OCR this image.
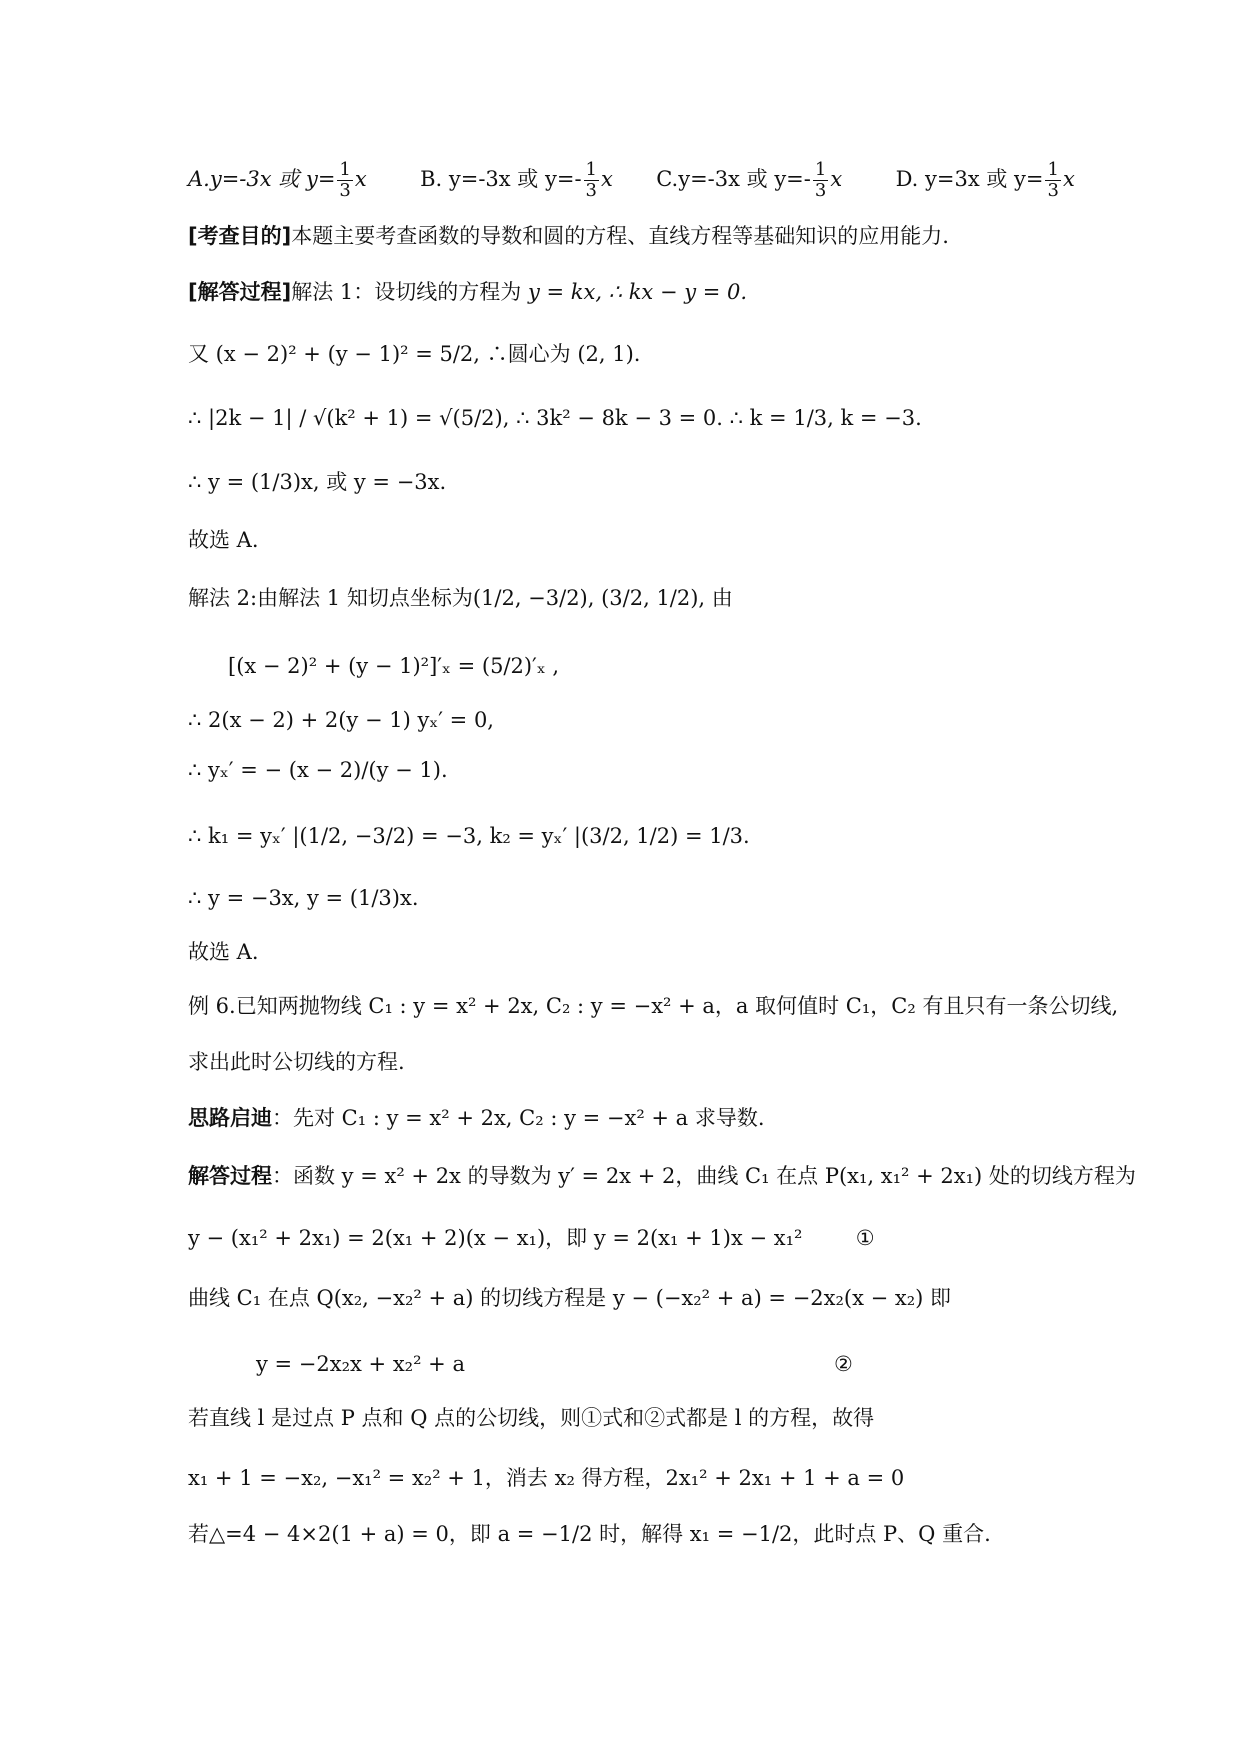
A.y=-3x 或 $y= \frac{1}{3}$ x	B. y=-3x 或 $y=- \frac{1}{3}$ x C.y=-3x 或 $y=- \frac{1}{3}$ x	D. y=3x 或 $y= \frac{1}{3}$ x
[考查目的]本题主要考查函数的导数和圆的方程、直线方程等基础知识的应用能力.
[解答过程]解法 1：设切线的方程为 y = kx, ∴ kx − y = 0.
又 (x − 2)² + (y − 1)² = 5/2, ∴圆心为 (2, 1).
∴ |2k − 1| / √(k² + 1) = √(5/2), ∴ 3k² − 8k − 3 = 0. ∴ k = 1/3, k = −3.
∴ y = (1/3)x, 或 y = −3x.
故选 A.
解法 2:由解法 1 知切点坐标为(1/2, −3/2), (3/2, 1/2), 由
[(x − 2)² + (y − 1)²]′ₓ = (5/2)′ₓ ,
∴ 2(x − 2) + 2(y − 1) yₓ′ = 0,
∴ yₓ′ = − (x − 2)/(y − 1).
∴ k₁ = yₓ′ |(1/2, −3/2) = −3, k₂ = yₓ′ |(3/2, 1/2) = 1/3.
∴ y = −3x, y = (1/3)x.
故选 A.
例 6.已知两抛物线 C₁ : y = x² + 2x, C₂ : y = −x² + a，a 取何值时 C₁，C₂ 有且只有一条公切线,
求出此时公切线的方程.
思路启迪：先对 C₁ : y = x² + 2x, C₂ : y = −x² + a 求导数.
解答过程：函数 y = x² + 2x 的导数为 y′ = 2x + 2，曲线 C₁ 在点 P(x₁, x₁² + 2x₁) 处的切线方程为
y − (x₁² + 2x₁) = 2(x₁ + 2)(x − x₁)，即 y = 2(x₁ + 1)x − x₁²	①
曲线 C₁ 在点 Q(x₂, −x₂² + a) 的切线方程是 y − (−x₂² + a) = −2x₂(x − x₂) 即
y = −2x₂x + x₂² + a	②
若直线 l 是过点 P 点和 Q 点的公切线，则①式和②式都是 l 的方程，故得
x₁ + 1 = −x₂, −x₁² = x₂² + 1，消去 x₂ 得方程，2x₁² + 2x₁ + 1 + a = 0
若△=4 − 4×2(1 + a) = 0，即 a = −1/2 时，解得 x₁ = −1/2，此时点 P、Q 重合.
